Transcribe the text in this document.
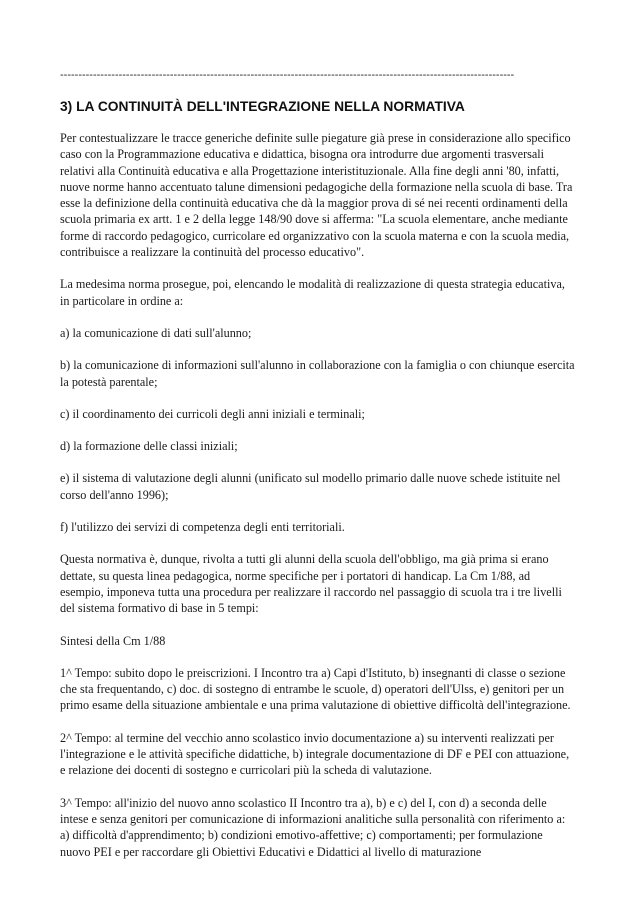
----------------------------------------------------------------------------------------------------------------------------
3) LA CONTINUITÀ DELL'INTEGRAZIONE NELLA NORMATIVA

Per contestualizzare le tracce generiche definite sulle piegature già prese in considerazione allo specifico caso con la Programmazione educativa e didattica, bisogna ora introdurre due argomenti trasversali relativi alla Continuità educativa e alla Progettazione interistituzionale. Alla fine degli anni '80, infatti, nuove norme hanno accentuato talune dimensioni pedagogiche della formazione nella scuola di base. Tra esse la definizione della continuità educativa che dà la maggior prova di sé nei recenti ordinamenti della scuola primaria ex artt. 1 e 2 della legge 148/90 dove si afferma: "La scuola elementare, anche mediante forme di raccordo pedagogico, curricolare ed organizzativo con la scuola materna e con la scuola media, contribuisce a realizzare la continuità del processo educativo".

La medesima norma prosegue, poi, elencando le modalità di realizzazione di questa strategia educativa, in particolare in ordine a:

a) la comunicazione di dati sull'alunno;

b) la comunicazione di informazioni sull'alunno in collaborazione con la famiglia o con chiunque esercita la potestà parentale;

c) il coordinamento dei curricoli degli anni iniziali e terminali;

d) la formazione delle classi iniziali;

e) il sistema di valutazione degli alunni (unificato sul modello primario dalle nuove schede istituite nel corso dell'anno 1996);

f) l'utilizzo dei servizi di competenza degli enti territoriali.

Questa normativa è, dunque, rivolta a tutti gli alunni della scuola dell'obbligo, ma già prima si erano dettate, su questa linea pedagogica, norme specifiche per i portatori di handicap. La Cm 1/88, ad esempio, imponeva tutta una procedura per realizzare il raccordo nel passaggio di scuola tra i tre livelli del sistema formativo di base in 5 tempi:

Sintesi della Cm 1/88

1^ Tempo: subito dopo le preiscrizioni. I Incontro tra a) Capi d'Istituto, b) insegnanti di classe o sezione che sta frequentando, c) doc. di sostegno di entrambe le scuole, d) operatori dell'Ulss, e) genitori per un primo esame della situazione ambientale e una prima valutazione di obiettive difficoltà dell'integrazione.

2^ Tempo: al termine del vecchio anno scolastico invio documentazione a) su interventi realizzati per l'integrazione e le attività specifiche didattiche, b) integrale documentazione di DF e PEI con attuazione, e relazione dei docenti di sostegno e curricolari più la scheda di valutazione.

3^ Tempo: all'inizio del nuovo anno scolastico II Incontro tra a), b) e c) del I, con d) a seconda delle intese e senza genitori per comunicazione di informazioni analitiche sulla personalità con riferimento a: a) difficoltà d'apprendimento; b) condizioni emotivo-affettive; c) comportamenti; per formulazione nuovo PEI e per raccordare gli Obiettivi Educativi e Didattici al livello di maturazione
